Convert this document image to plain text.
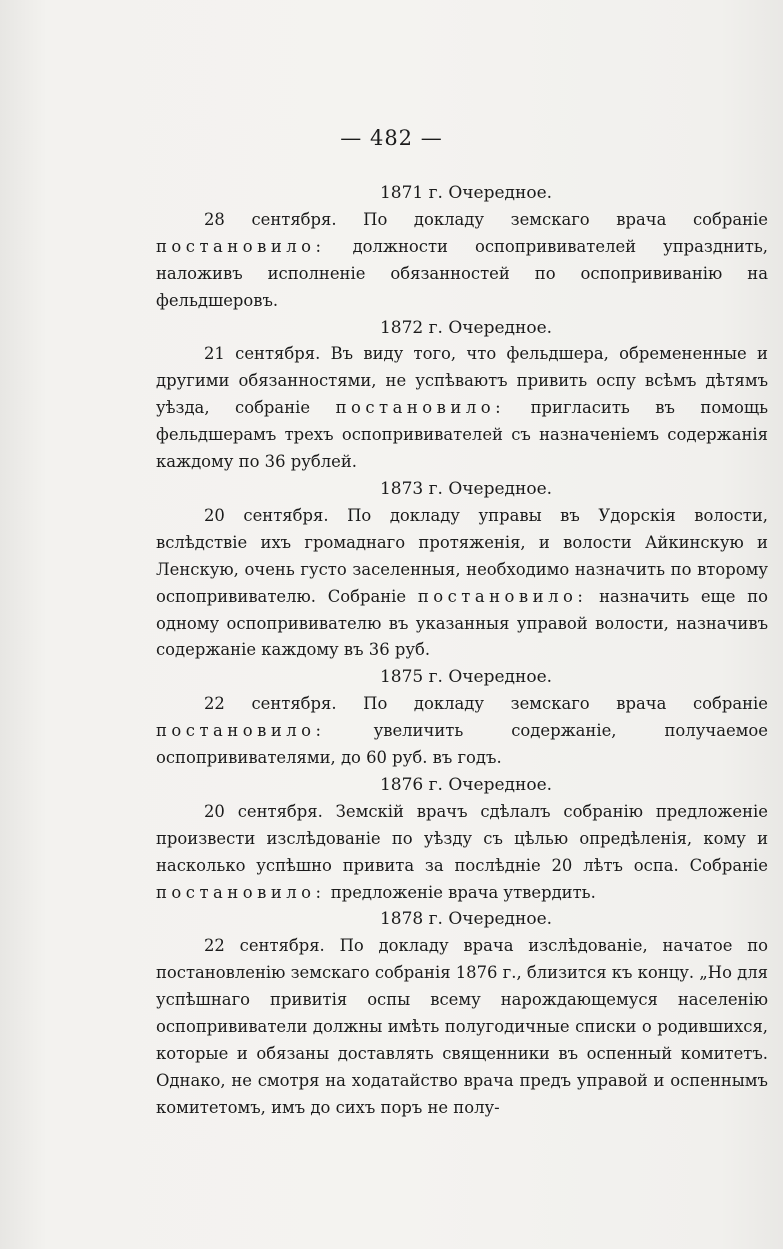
— 482 —

1871 г. Очередное.

28 сентября. По докладу земскаго врача собраніе постановило: должности оспопрививателей упразднить, наложивъ исполненіе обязанностей по оспопрививанію на фельдшеровъ.

1872 г. Очередное.

21 сентября. Въ виду того, что фельдшера, обремененные и другими обязанностями, не успѣваютъ привить оспу всѣмъ дѣтямъ уѣзда, собраніе постановило: пригласить въ помощь фельдшерамъ трехъ оспопрививателей съ назначеніемъ содержанія каждому по 36 рублей.

1873 г. Очередное.

20 сентября. По докладу управы въ Удорскія волости, вслѣдствіе ихъ громаднаго протяженія, и волости Айкинскую и Ленскую, очень густо заселенныя, необходимо назначить по второму оспопрививателю. Собраніе постановило: назначить еще по одному оспопрививателю въ указанныя управой волости, назначивъ содержаніе каждому въ 36 руб.

1875 г. Очередное.

22 сентября. По докладу земскаго врача собраніе постановило:	увеличить содержаніе, получаемое оспопрививателями, до 60 руб. въ годъ.

1876 г. Очередное.

20 сентября. Земскій врачъ сдѣлалъ собранію предложеніе произвести изслѣдованіе по уѣзду съ цѣлью опредѣленія, кому и насколько успѣшно привита за послѣдніе 20 лѣтъ оспа. Собраніе постановило: предложеніе врача утвердить.

1878 г. Очередное.

22 сентября. По докладу врача изслѣдованіе, начатое по постановленію земскаго собранія 1876 г., близится къ концу. „Но для успѣшнаго привитія оспы всему нарождающемуся населенію оспопрививатели должны имѣть полугодичные списки о родившихся, которые и обязаны доставлять священники въ оспенный комитетъ. Однако, не смотря на ходатайство врача предъ управой и оспеннымъ комитетомъ, имъ до сихъ поръ не полу-
